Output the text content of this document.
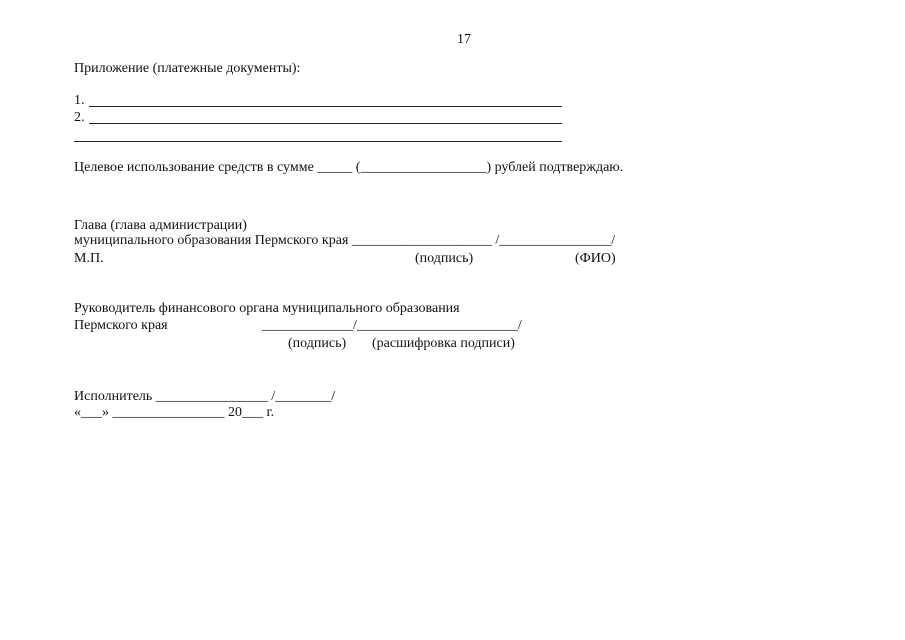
17
Приложение (платежные документы):
1.
2.
Целевое использование средств в сумме _____ (__________________) рублей подтверждаю.
Глава (глава администрации)
муниципального образования Пермского края ____________________ /________________/
М.П.	(подпись)	(ФИО)
Руководитель финансового органа муниципального образования
Пермского края	_____________/_______________________/
(подпись) (расшифровка подписи)
Исполнитель ________________ /________/
«___» ________________ 20___ г.
